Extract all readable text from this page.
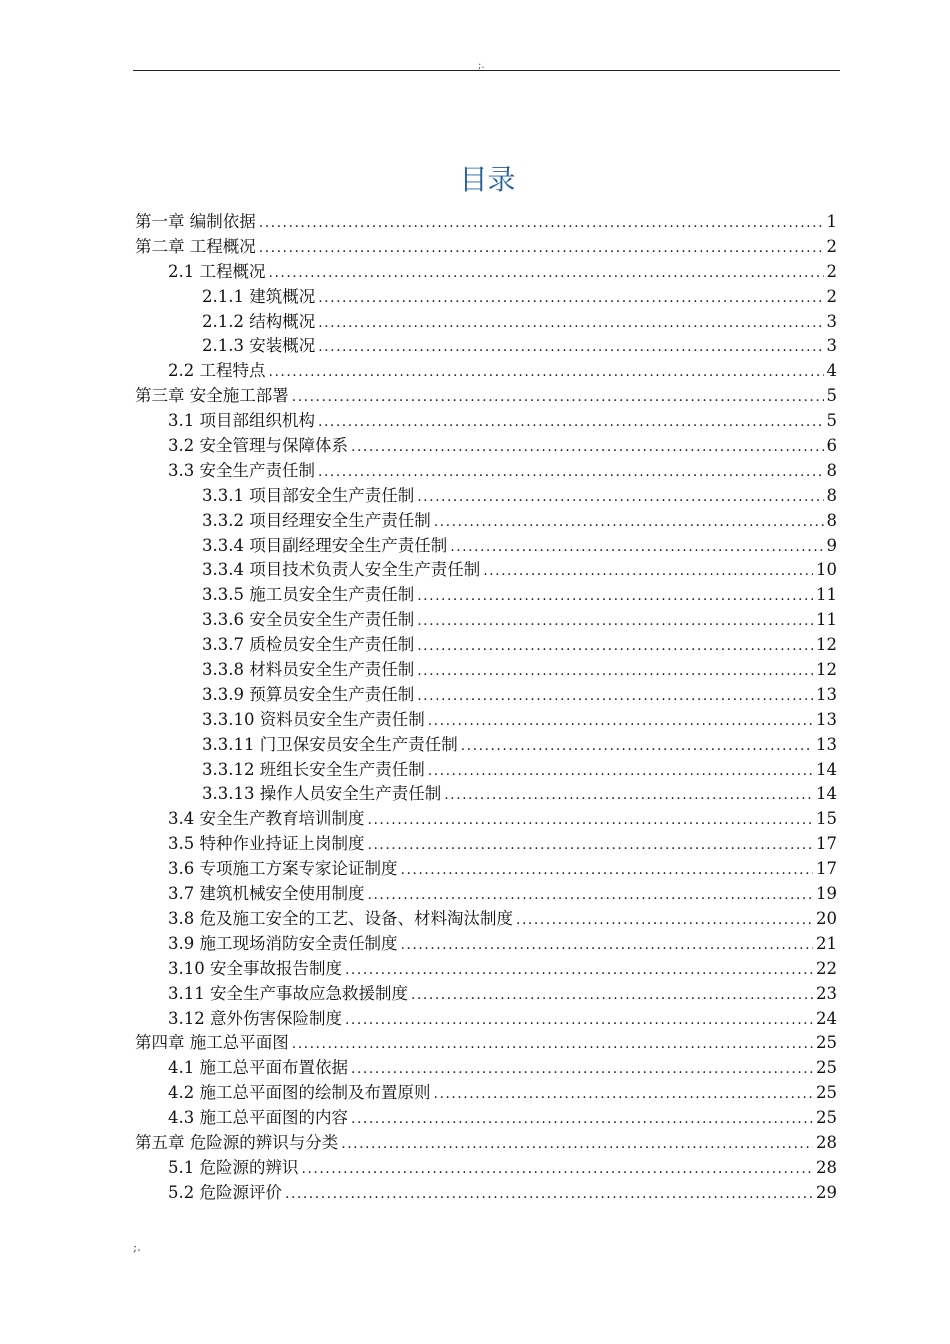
;.
目录
第一章 编制依据 .....	1
第二章 工程概况 .....	2
2.1 工程概况 .....	2
2.1.1 建筑概况 .....	2
2.1.2 结构概况 .....	3
2.1.3 安装概况 .....	3
2.2 工程特点 .....	4
第三章 安全施工部署 .....	5
3.1 项目部组织机构 .....	5
3.2 安全管理与保障体系 .....	6
3.3 安全生产责任制 .....	8
3.3.1 项目部安全生产责任制 .....	8
3.3.2 项目经理安全生产责任制 .....	8
3.3.4 项目副经理安全生产责任制 .....	9
3.3.4 项目技术负责人安全生产责任制 .....	10
3.3.5 施工员安全生产责任制 .....	11
3.3.6 安全员安全生产责任制 .....	11
3.3.7 质检员安全生产责任制 .....	12
3.3.8 材料员安全生产责任制 .....	12
3.3.9 预算员安全生产责任制 .....	13
3.3.10 资料员安全生产责任制 .....	13
3.3.11 门卫保安员安全生产责任制 .....	13
3.3.12 班组长安全生产责任制 .....	14
3.3.13 操作人员安全生产责任制 .....	14
3.4 安全生产教育培训制度 .....	15
3.5 特种作业持证上岗制度 .....	17
3.6 专项施工方案专家论证制度 .....	17
3.7 建筑机械安全使用制度 .....	19
3.8 危及施工安全的工艺、设备、材料淘汰制度 .....	20
3.9 施工现场消防安全责任制度 .....	21
3.10 安全事故报告制度 .....	22
3.11 安全生产事故应急救援制度 .....	23
3.12 意外伤害保险制度 .....	24
第四章 施工总平面图 .....	25
4.1 施工总平面布置依据 .....	25
4.2 施工总平面图的绘制及布置原则 .....	25
4.3 施工总平面图的内容 .....	25
第五章 危险源的辨识与分类 .....	28
5.1 危险源的辨识 .....	28
5.2 危险源评价 .....	29
;.
